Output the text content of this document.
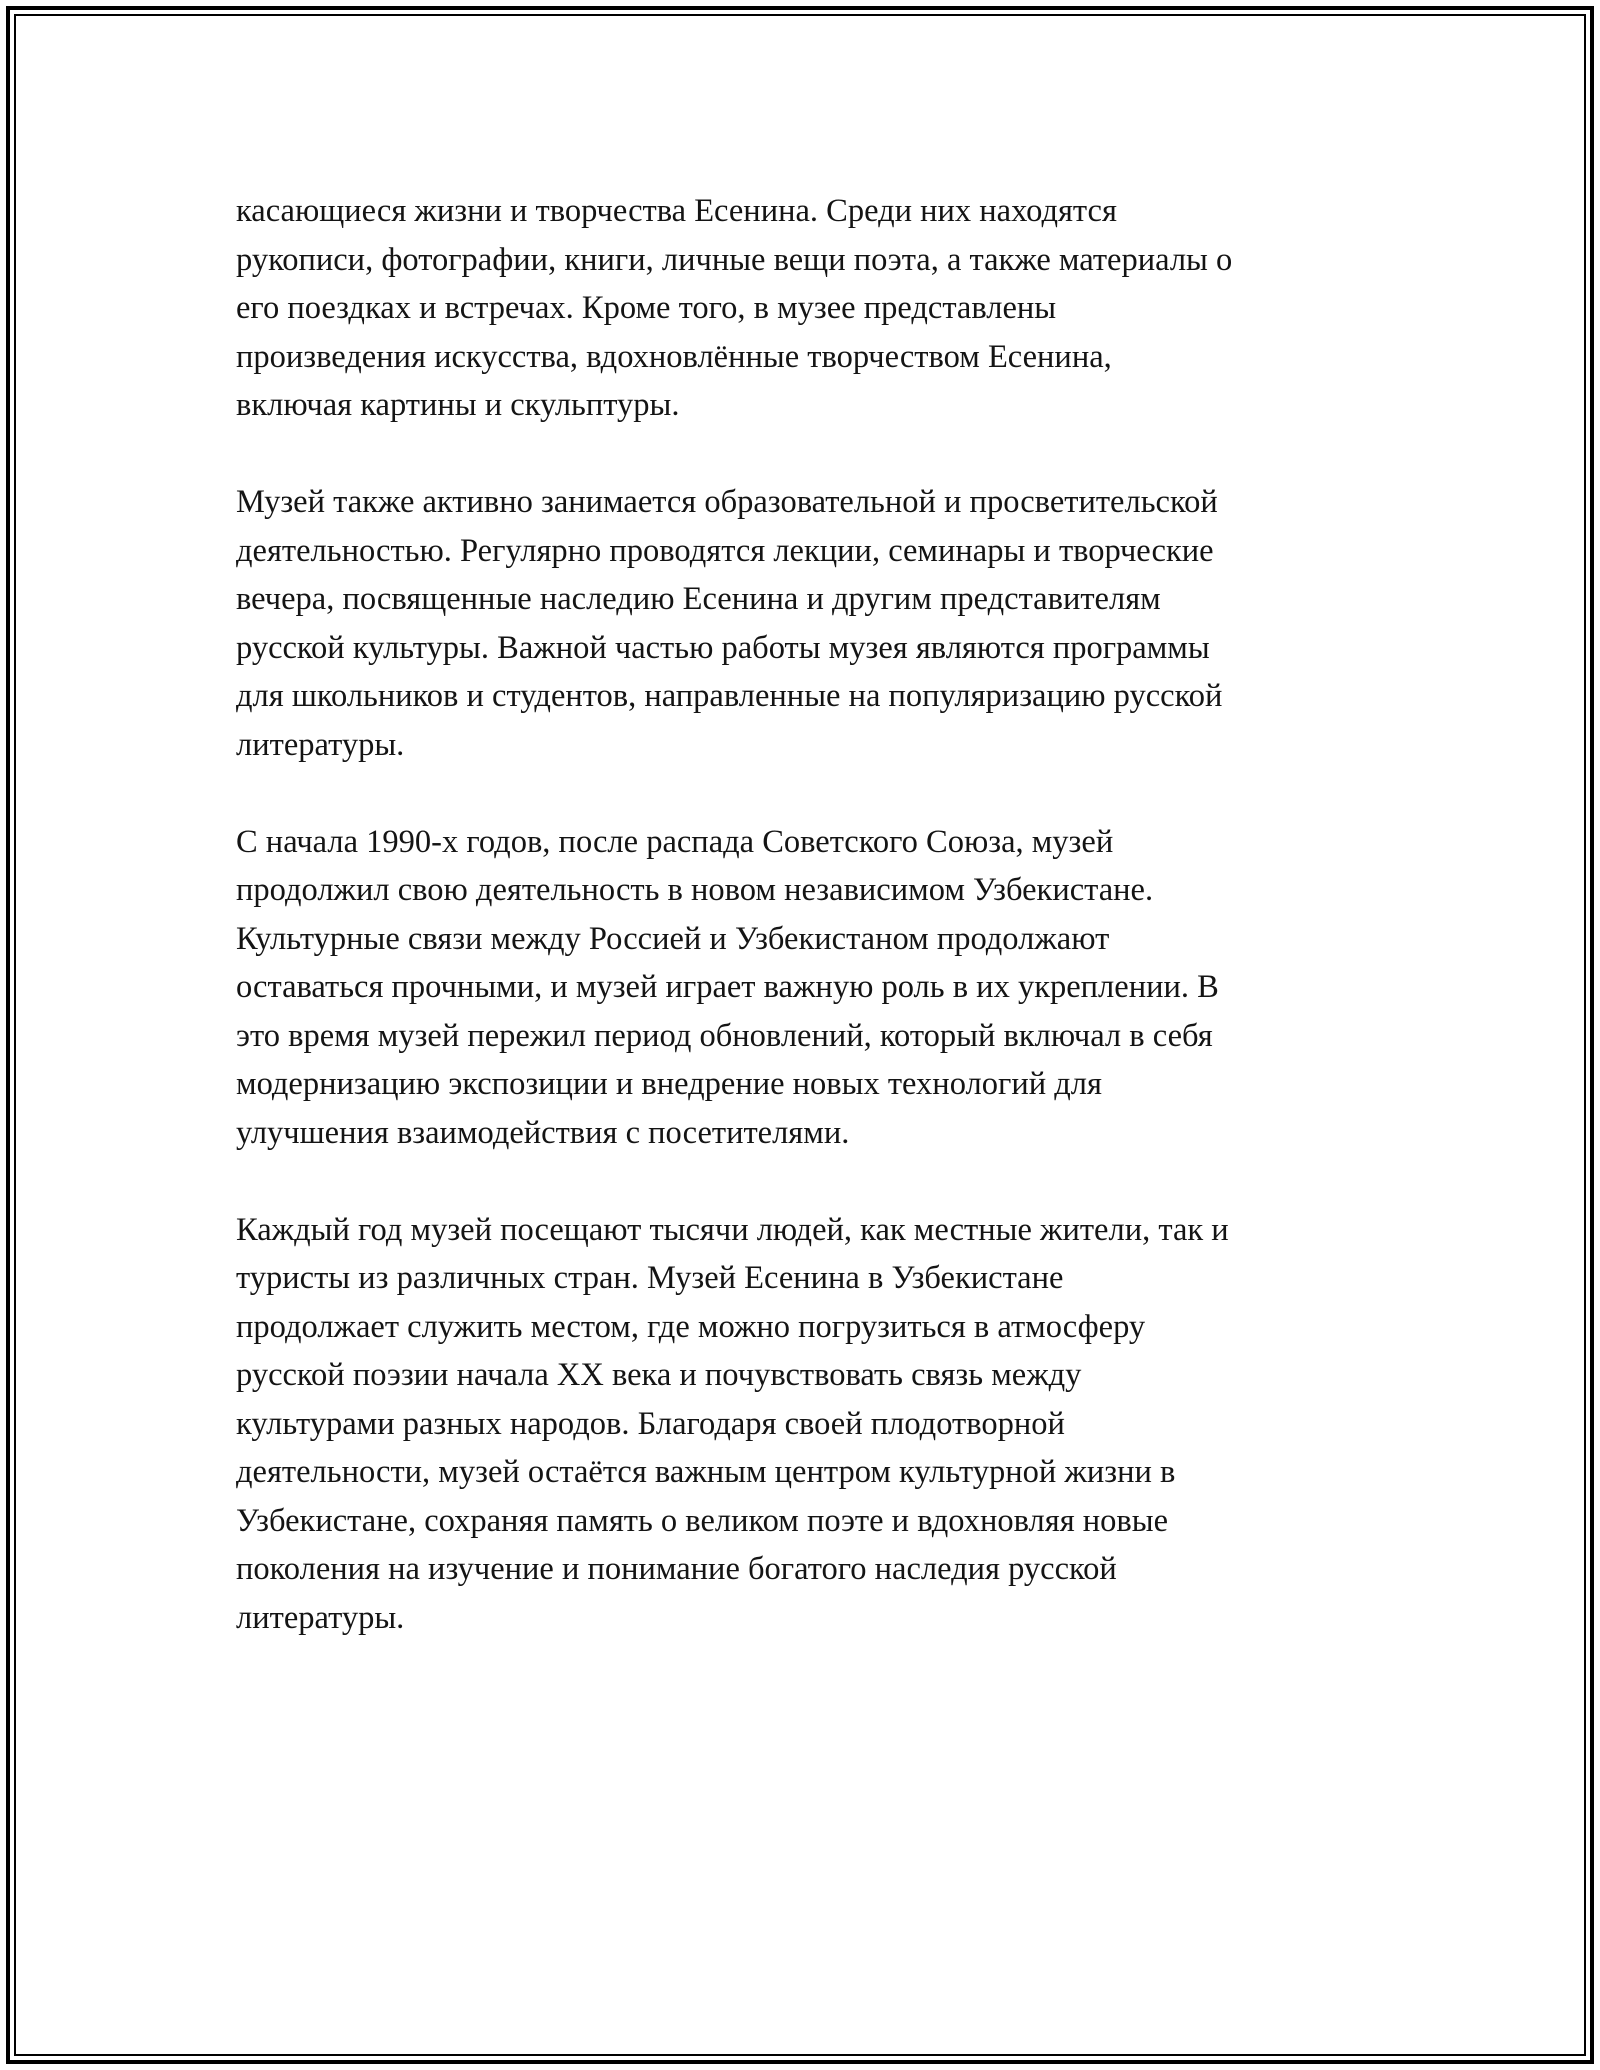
касающиеся жизни и творчества Есенина. Среди них находятся
рукописи, фотографии, книги, личные вещи поэта, а также материалы о
его поездках и встречах. Кроме того, в музее представлены
произведения искусства, вдохновлённые творчеством Есенина,
включая картины и скульптуры.

Музей также активно занимается образовательной и просветительской
деятельностью. Регулярно проводятся лекции, семинары и творческие
вечера, посвященные наследию Есенина и другим представителям
русской культуры. Важной частью работы музея являются программы
для школьников и студентов, направленные на популяризацию русской
литературы.

С начала 1990-х годов, после распада Советского Союза, музей
продолжил свою деятельность в новом независимом Узбекистане.
Культурные связи между Россией и Узбекистаном продолжают
оставаться прочными, и музей играет важную роль в их укреплении. В
это время музей пережил период обновлений, который включал в себя
модернизацию экспозиции и внедрение новых технологий для
улучшения взаимодействия с посетителями.

Каждый год музей посещают тысячи людей, как местные жители, так и
туристы из различных стран. Музей Есенина в Узбекистане
продолжает служить местом, где можно погрузиться в атмосферу
русской поэзии начала XX века и почувствовать связь между
культурами разных народов. Благодаря своей плодотворной
деятельности, музей остаётся важным центром культурной жизни в
Узбекистане, сохраняя память о великом поэте и вдохновляя новые
поколения на изучение и понимание богатого наследия русской
литературы.
